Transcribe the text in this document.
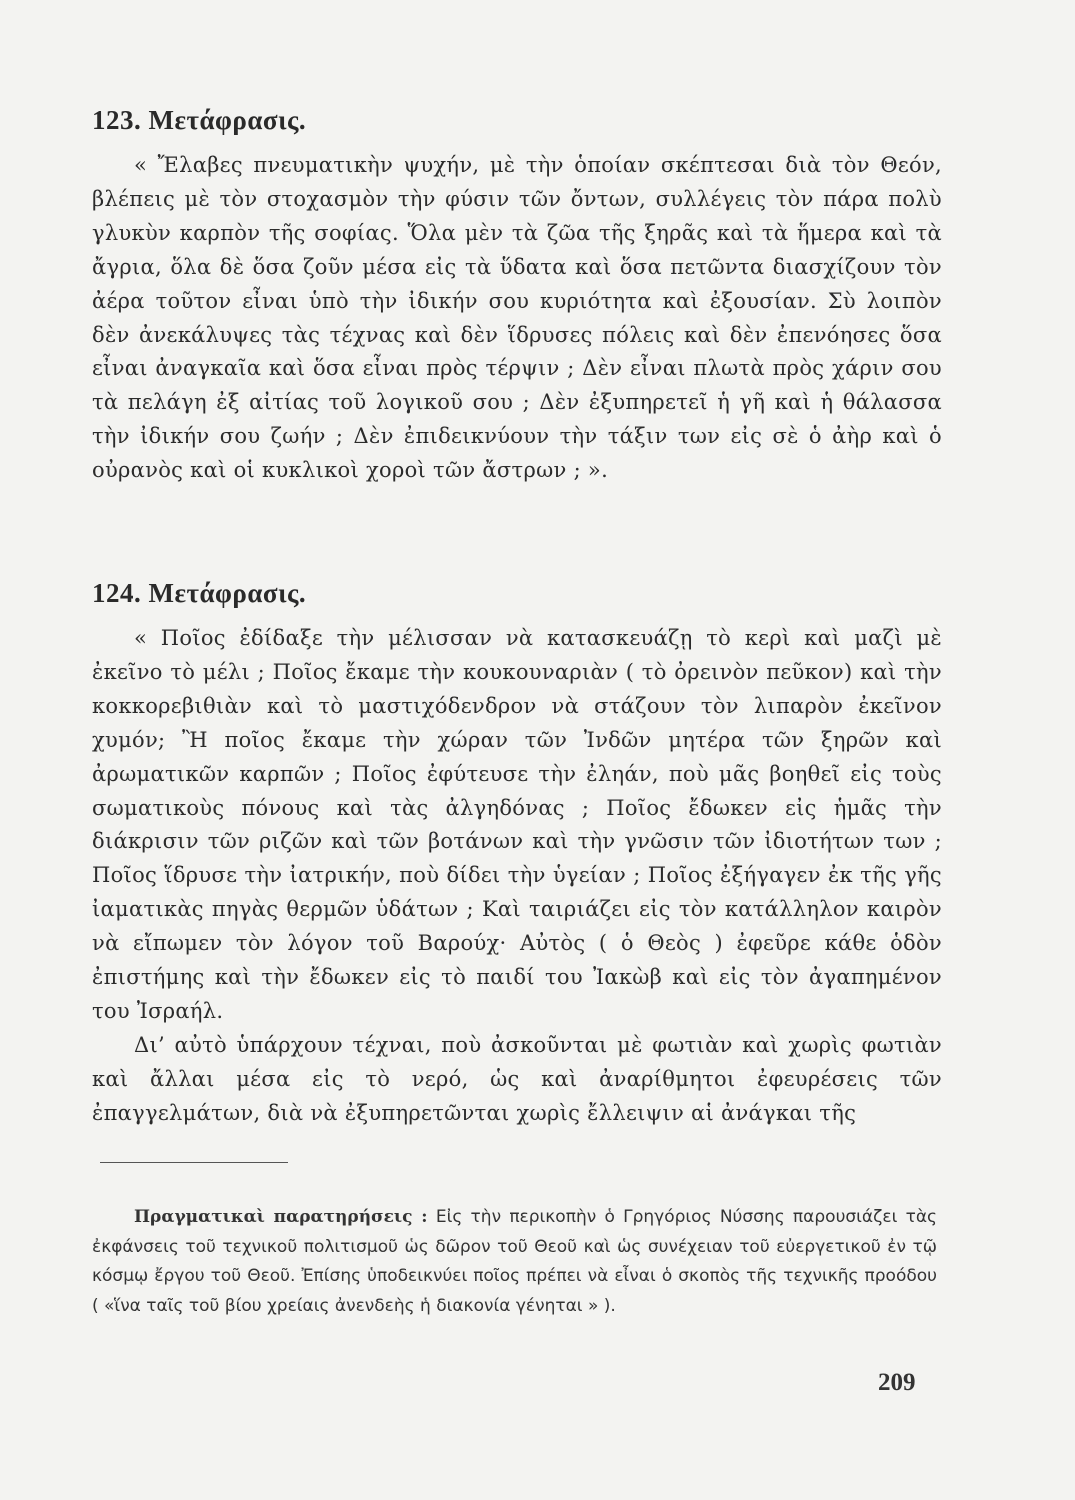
123. Μετάφρασις.

« Ἔλαβες πνευματικὴν ψυχήν, μὲ τὴν ὁποίαν σκέπτεσαι διὰ τὸν Θεόν, βλέπεις μὲ τὸν στοχασμὸν τὴν φύσιν τῶν ὄντων, συλλέγεις τὸν πάρα πολὺ γλυκὺν καρπὸν τῆς σοφίας. Ὅλα μὲν τὰ ζῶα τῆς ξηρᾶς καὶ τὰ ἥμερα καὶ τὰ ἄγρια, ὅλα δὲ ὅσα ζοῦν μέσα εἰς τὰ ὕδατα καὶ ὅσα πετῶντα διασχίζουν τὸν ἀέρα τοῦτον εἶναι ὑπὸ τὴν ἰδικήν σου κυριότητα καὶ ἐξουσίαν. Σὺ λοιπὸν δὲν ἀνεκάλυψες τὰς τέχνας καὶ δὲν ἵδρυσες πόλεις καὶ δὲν ἐπενόησες ὅσα εἶναι ἀναγκαῖα καὶ ὅσα εἶναι πρὸς τέρψιν ; Δὲν εἶναι πλωτὰ πρὸς χάριν σου τὰ πελάγη ἐξ αἰτίας τοῦ λογικοῦ σου ; Δὲν ἐξυπηρετεῖ ἡ γῆ καὶ ἡ θάλασσα τὴν ἰδικήν σου ζωήν ; Δὲν ἐπιδεικνύουν τὴν τάξιν των εἰς σὲ ὁ ἀὴρ καὶ ὁ οὐρανὸς καὶ οἱ κυκλικοὶ χοροὶ τῶν ἄστρων ; ».

124. Μετάφρασις.

« Ποῖος ἐδίδαξε τὴν μέλισσαν νὰ κατασκευάζῃ τὸ κερὶ καὶ μαζὶ μὲ ἐκεῖνο τὸ μέλι ; Ποῖος ἔκαμε τὴν κουκουναριὰν ( τὸ ὀρεινὸν πεῦκον) καὶ τὴν κοκκορεβιθιὰν καὶ τὸ μαστιχόδενδρον νὰ στάζουν τὸν λιπαρὸν ἐκεῖνον χυμόν; Ἢ ποῖος ἔκαμε τὴν χώραν τῶν Ἰνδῶν μητέρα τῶν ξηρῶν καὶ ἀρωματικῶν καρπῶν ; Ποῖος ἐφύτευσε τὴν ἐληάν, ποὺ μᾶς βοηθεῖ εἰς τοὺς σωματικοὺς πόνους καὶ τὰς ἀλγηδόνας ; Ποῖος ἔδωκεν εἰς ἡμᾶς τὴν διάκρισιν τῶν ριζῶν καὶ τῶν βοτάνων καὶ τὴν γνῶσιν τῶν ἰδιοτήτων των ; Ποῖος ἵδρυσε τὴν ἰατρικήν, ποὺ δίδει τὴν ὑγείαν ; Ποῖος ἐξήγαγεν ἐκ τῆς γῆς ἰαματικὰς πηγὰς θερμῶν ὑδάτων ; Καὶ ταιριάζει εἰς τὸν κατάλληλον καιρὸν νὰ εἴπωμεν τὸν λόγον τοῦ Βαρούχ· Αὐτὸς ( ὁ Θεὸς ) ἐφεῦρε κάθε ὁδὸν ἐπιστήμης καὶ τὴν ἔδωκεν εἰς τὸ παιδί του Ἰακὼβ καὶ εἰς τὸν ἀγαπημένον του Ἰσραήλ.

Δι’ αὐτὸ ὑπάρχουν τέχναι, ποὺ ἀσκοῦνται μὲ φωτιὰν καὶ χωρὶς φωτιὰν καὶ ἄλλαι μέσα εἰς τὸ νερό, ὡς καὶ ἀναρίθμητοι ἐφευρέσεις τῶν ἐπαγγελμάτων, διὰ νὰ ἐξυπηρετῶνται χωρὶς ἔλλειψιν αἱ ἀνάγκαι τῆς

Πραγματικαὶ παρατηρήσεις : Εἰς τὴν περικοπὴν ὁ Γρηγόριος Νύσσης παρουσιάζει τὰς ἐκφάνσεις τοῦ τεχνικοῦ πολιτισμοῦ ὡς δῶρον τοῦ Θεοῦ καὶ ὡς συνέχειαν τοῦ εὐεργετικοῦ ἐν τῷ κόσμῳ ἔργου τοῦ Θεοῦ. Ἐπίσης ὑποδεικνύει ποῖος πρέπει νὰ εἶναι ὁ σκοπὸς τῆς τεχνικῆς προόδου ( «ἵνα ταῖς τοῦ βίου χρείαις ἀνενδεὴς ἡ διακονία γένηται » ).

209
